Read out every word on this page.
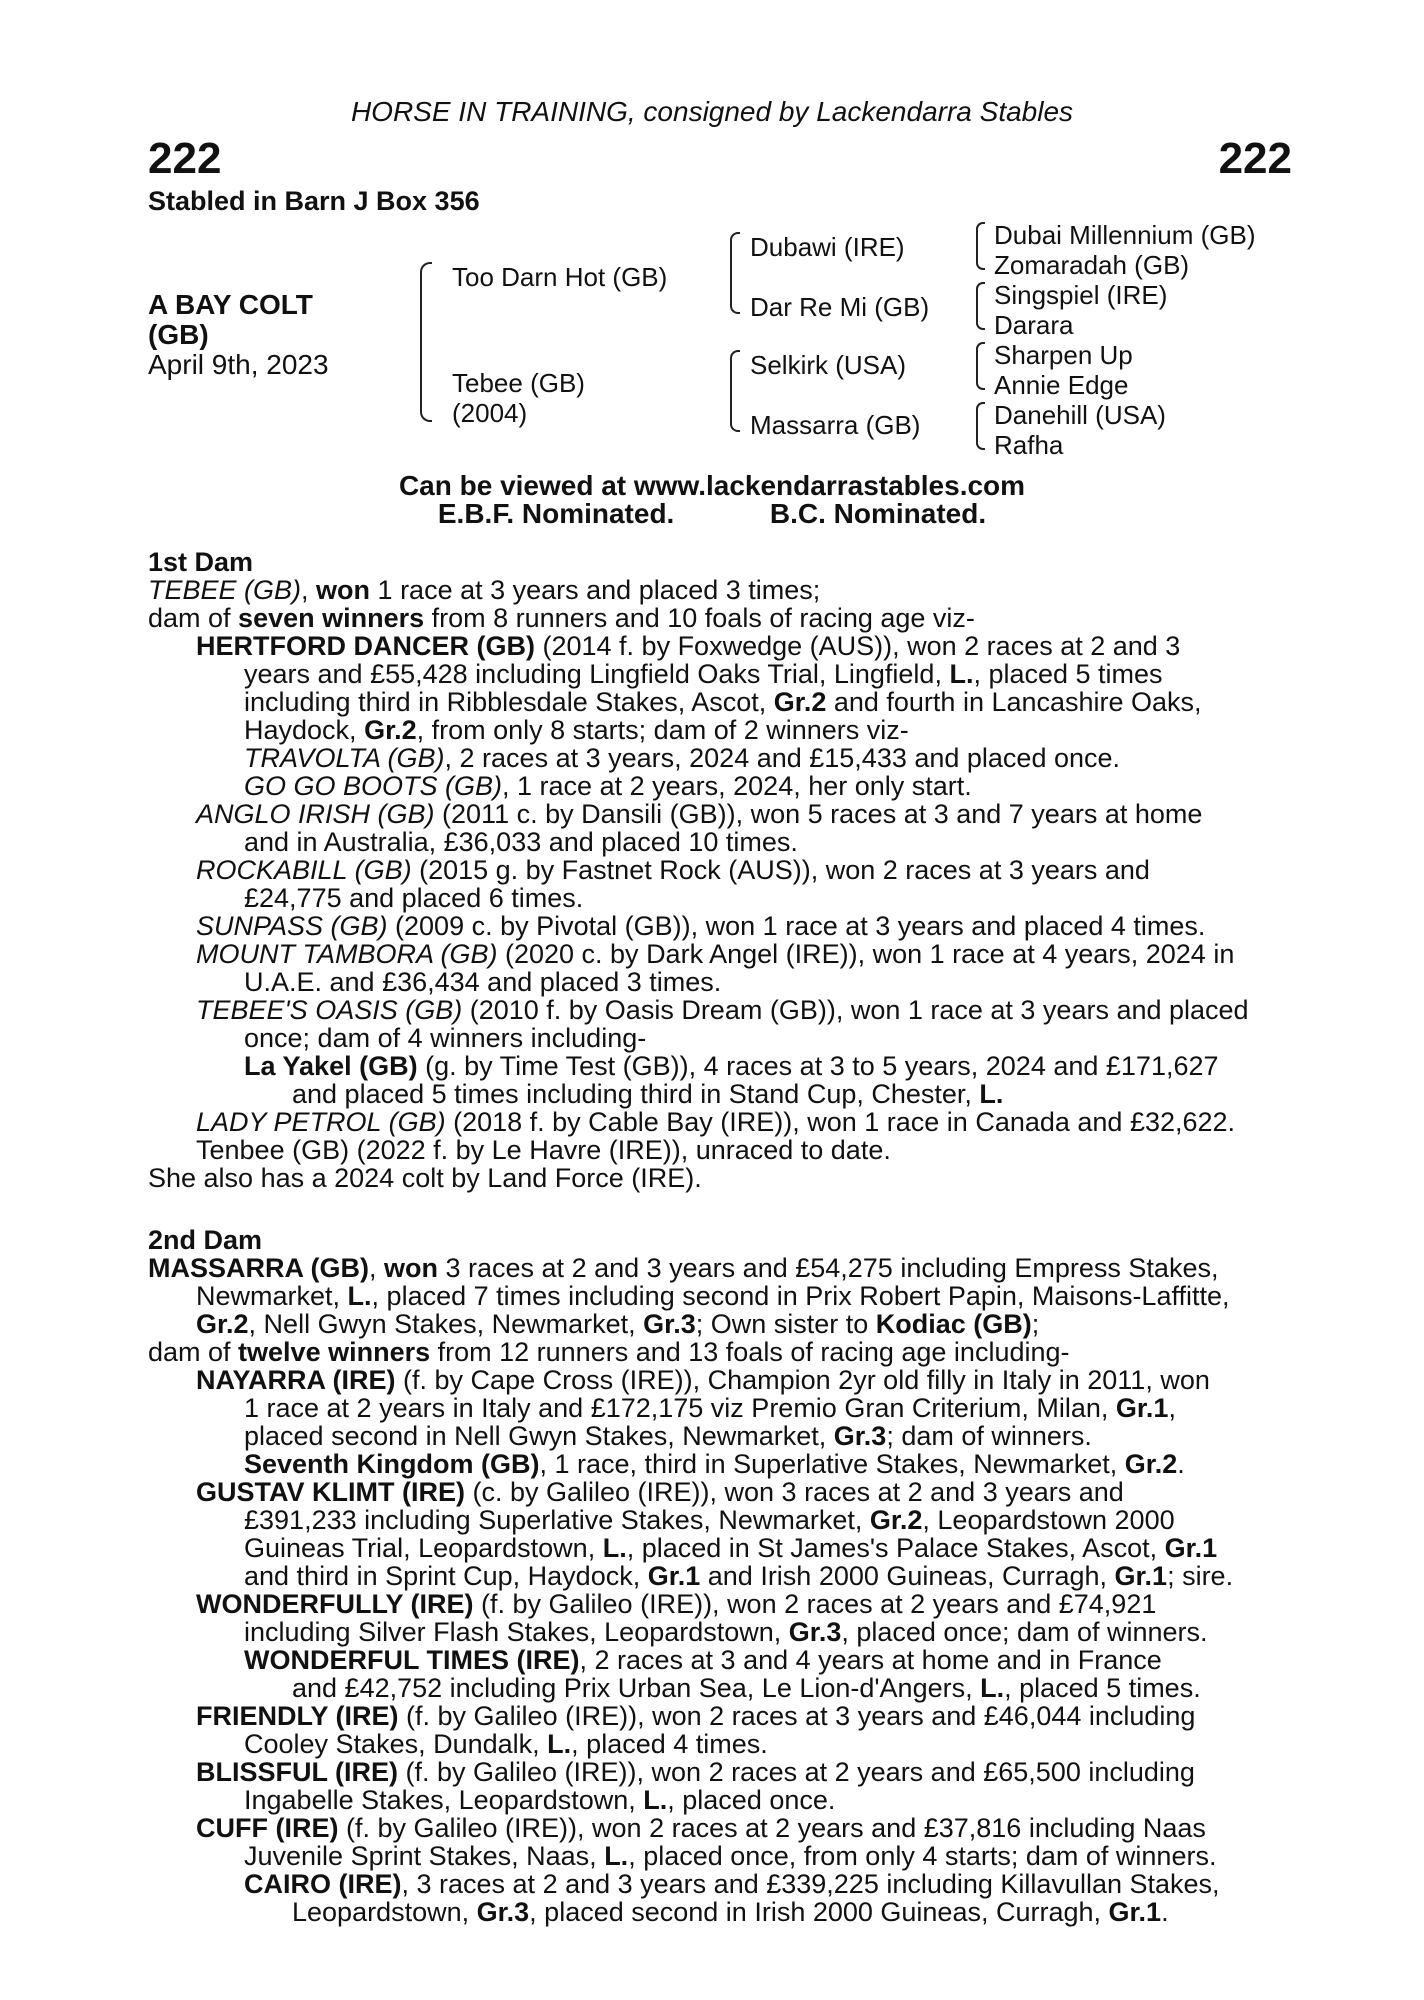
HORSE IN TRAINING, consigned by Lackendarra Stables
222	222
Stabled in Barn J Box 356
A BAY COLT
(GB)
April 9th, 2023
Too Darn Hot (GB)
Tebee (GB)
(2004)
Dubawi (IRE)
Dar Re Mi (GB)
Selkirk (USA)
Massarra (GB)
Dubai Millennium (GB)
Zomaradah (GB)
Singspiel (IRE)
Darara
Sharpen Up
Annie Edge
Danehill (USA)
Rafha
Can be viewed at www.lackendarrastables.com
E.B.F. Nominated.	B.C. Nominated.
1st Dam
TEBEE (GB), won 1 race at 3 years and placed 3 times;
dam of seven winners from 8 runners and 10 foals of racing age viz-
HERTFORD DANCER (GB) (2014 f. by Foxwedge (AUS)), won 2 races at 2 and 3
years and £55,428 including Lingfield Oaks Trial, Lingfield, L., placed 5 times
including third in Ribblesdale Stakes, Ascot, Gr.2 and fourth in Lancashire Oaks,
Haydock, Gr.2, from only 8 starts; dam of 2 winners viz-
TRAVOLTA (GB), 2 races at 3 years, 2024 and £15,433 and placed once.
GO GO BOOTS (GB), 1 race at 2 years, 2024, her only start.
ANGLO IRISH (GB) (2011 c. by Dansili (GB)), won 5 races at 3 and 7 years at home
and in Australia, £36,033 and placed 10 times.
ROCKABILL (GB) (2015 g. by Fastnet Rock (AUS)), won 2 races at 3 years and
£24,775 and placed 6 times.
SUNPASS (GB) (2009 c. by Pivotal (GB)), won 1 race at 3 years and placed 4 times.
MOUNT TAMBORA (GB) (2020 c. by Dark Angel (IRE)), won 1 race at 4 years, 2024 in
U.A.E. and £36,434 and placed 3 times.
TEBEE'S OASIS (GB) (2010 f. by Oasis Dream (GB)), won 1 race at 3 years and placed
once; dam of 4 winners including-
La Yakel (GB) (g. by Time Test (GB)), 4 races at 3 to 5 years, 2024 and £171,627
and placed 5 times including third in Stand Cup, Chester, L.
LADY PETROL (GB) (2018 f. by Cable Bay (IRE)), won 1 race in Canada and £32,622.
Tenbee (GB) (2022 f. by Le Havre (IRE)), unraced to date.
She also has a 2024 colt by Land Force (IRE).
2nd Dam
MASSARRA (GB), won 3 races at 2 and 3 years and £54,275 including Empress Stakes,
Newmarket, L., placed 7 times including second in Prix Robert Papin, Maisons-Laffitte,
Gr.2, Nell Gwyn Stakes, Newmarket, Gr.3; Own sister to Kodiac (GB);
dam of twelve winners from 12 runners and 13 foals of racing age including-
NAYARRA (IRE) (f. by Cape Cross (IRE)), Champion 2yr old filly in Italy in 2011, won
1 race at 2 years in Italy and £172,175 viz Premio Gran Criterium, Milan, Gr.1,
placed second in Nell Gwyn Stakes, Newmarket, Gr.3; dam of winners.
Seventh Kingdom (GB), 1 race, third in Superlative Stakes, Newmarket, Gr.2.
GUSTAV KLIMT (IRE) (c. by Galileo (IRE)), won 3 races at 2 and 3 years and
£391,233 including Superlative Stakes, Newmarket, Gr.2, Leopardstown 2000
Guineas Trial, Leopardstown, L., placed in St James's Palace Stakes, Ascot, Gr.1
and third in Sprint Cup, Haydock, Gr.1 and Irish 2000 Guineas, Curragh, Gr.1; sire.
WONDERFULLY (IRE) (f. by Galileo (IRE)), won 2 races at 2 years and £74,921
including Silver Flash Stakes, Leopardstown, Gr.3, placed once; dam of winners.
WONDERFUL TIMES (IRE), 2 races at 3 and 4 years at home and in France
and £42,752 including Prix Urban Sea, Le Lion-d'Angers, L., placed 5 times.
FRIENDLY (IRE) (f. by Galileo (IRE)), won 2 races at 3 years and £46,044 including
Cooley Stakes, Dundalk, L., placed 4 times.
BLISSFUL (IRE) (f. by Galileo (IRE)), won 2 races at 2 years and £65,500 including
Ingabelle Stakes, Leopardstown, L., placed once.
CUFF (IRE) (f. by Galileo (IRE)), won 2 races at 2 years and £37,816 including Naas
Juvenile Sprint Stakes, Naas, L., placed once, from only 4 starts; dam of winners.
CAIRO (IRE), 3 races at 2 and 3 years and £339,225 including Killavullan Stakes,
Leopardstown, Gr.3, placed second in Irish 2000 Guineas, Curragh, Gr.1.
